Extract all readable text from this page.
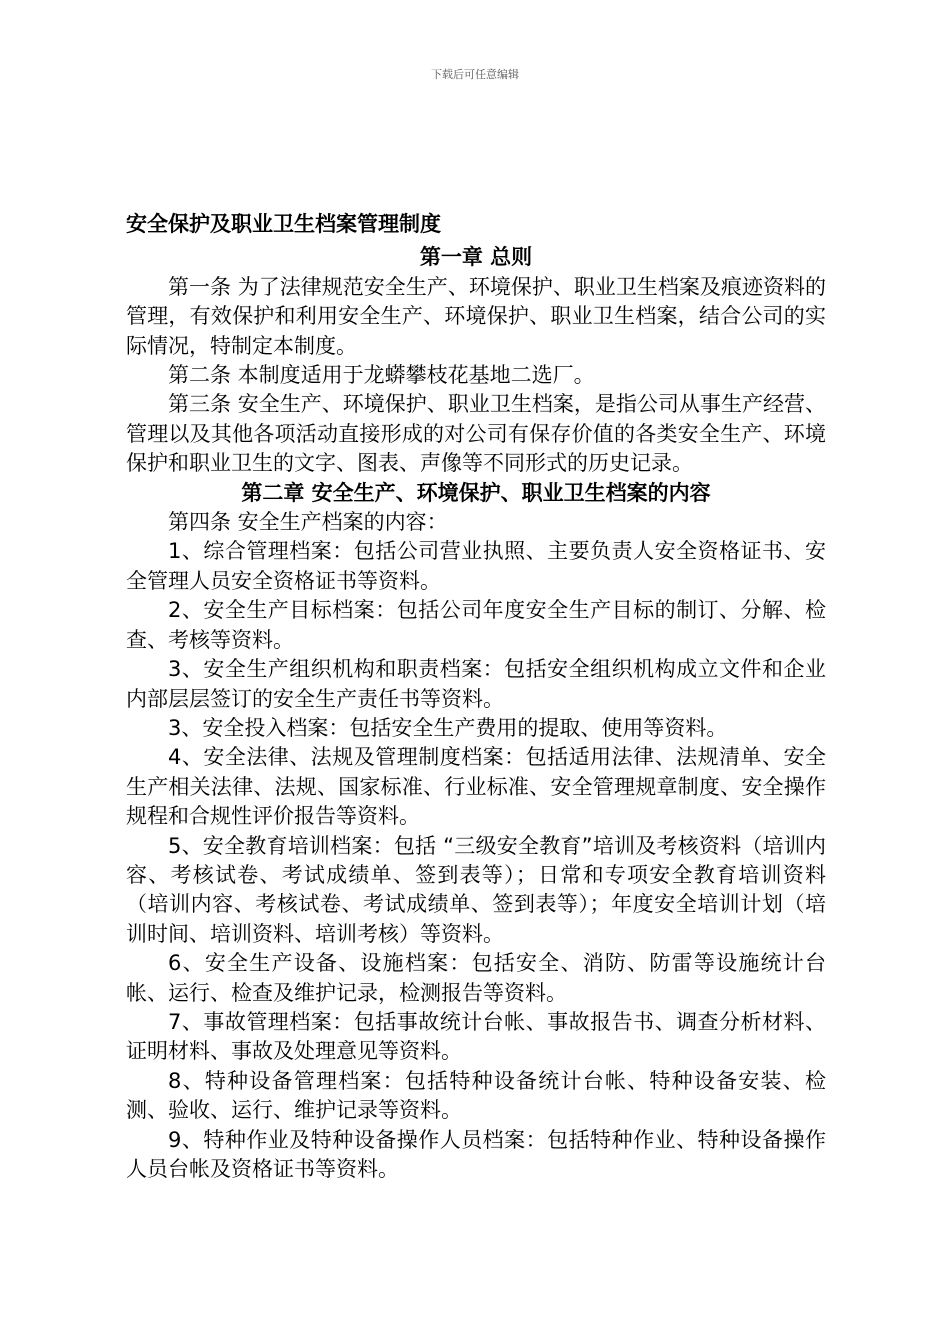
下载后可任意编辑
安全保护及职业卫生档案管理制度
第一章 总则

第一条 为了法律规范安全生产、环境保护、职业卫生档案及痕迹资料的管理，有效保护和利用安全生产、环境保护、职业卫生档案，结合公司的实际情况，特制定本制度。

第二条 本制度适用于龙蟒攀枝花基地二选厂。

第三条 安全生产、环境保护、职业卫生档案，是指公司从事生产经营、管理以及其他各项活动直接形成的对公司有保存价值的各类安全生产、环境保护和职业卫生的文字、图表、声像等不同形式的历史记录。

第二章 安全生产、环境保护、职业卫生档案的内容

第四条 安全生产档案的内容：

1、综合管理档案：包括公司营业执照、主要负责人安全资格证书、安全管理人员安全资格证书等资料。

2、安全生产目标档案：包括公司年度安全生产目标的制订、分解、检查、考核等资料。

3、安全生产组织机构和职责档案：包括安全组织机构成立文件和企业内部层层签订的安全生产责任书等资料。

3、安全投入档案：包括安全生产费用的提取、使用等资料。

4、安全法律、法规及管理制度档案：包括适用法律、法规清单、安全生产相关法律、法规、国家标准、行业标准、安全管理规章制度、安全操作规程和合规性评价报告等资料。

5、安全教育培训档案：包括 “三级安全教育”培训及考核资料（培训内容、考核试卷、考试成绩单、签到表等）；日常和专项安全教育培训资料（培训内容、考核试卷、考试成绩单、签到表等）；年度安全培训计划（培训时间、培训资料、培训考核）等资料。

6、安全生产设备、设施档案：包括安全、消防、防雷等设施统计台帐、运行、检查及维护记录，检测报告等资料。

7、事故管理档案：包括事故统计台帐、事故报告书、调查分析材料、证明材料、事故及处理意见等资料。

8、特种设备管理档案：包括特种设备统计台帐、特种设备安装、检测、验收、运行、维护记录等资料。

9、特种作业及特种设备操作人员档案：包括特种作业、特种设备操作人员台帐及资格证书等资料。
